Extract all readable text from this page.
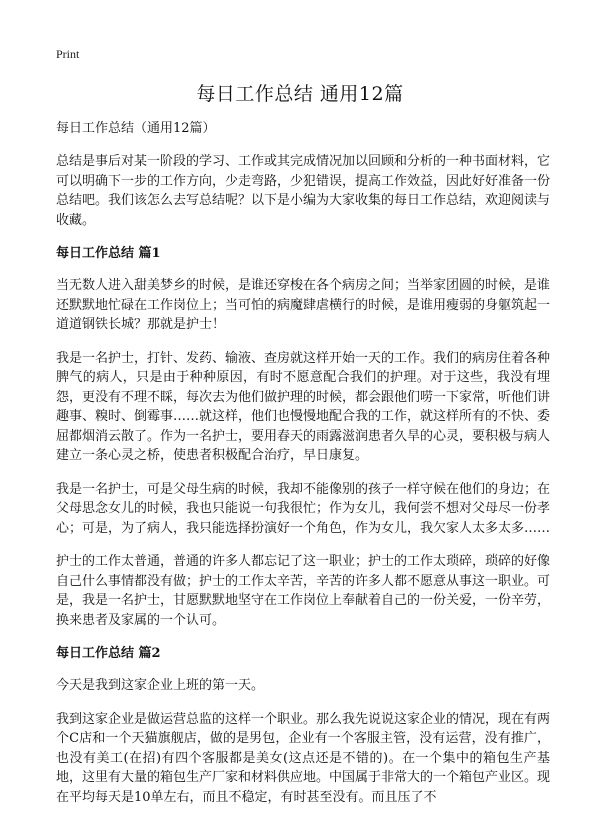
Print
每日工作总结 通用12篇

每日工作总结（通用12篇）

总结是事后对某一阶段的学习、工作或其完成情况加以回顾和分析的一种书面材料，它可以明确下一步的工作方向，少走弯路，少犯错误，提高工作效益，因此好好准备一份总结吧。我们该怎么去写总结呢？以下是小编为大家收集的每日工作总结，欢迎阅读与收藏。

每日工作总结 篇1

当无数人进入甜美梦乡的时候，是谁还穿梭在各个病房之间；当举家团圆的时候，是谁还默默地忙碌在工作岗位上；当可怕的病魔肆虐横行的时候，是谁用瘦弱的身躯筑起一道道钢铁长城？那就是护士！

我是一名护士，打针、发药、输液、查房就这样开始一天的工作。我们的病房住着各种脾气的病人，只是由于种种原因，有时不愿意配合我们的护理。对于这些，我没有埋怨，更没有不理不睬，每次去为他们做护理的时候，都会跟他们唠一下家常，听他们讲趣事、糗时、倒霉事……就这样，他们也慢慢地配合我的工作，就这样所有的不快、委屈都烟消云散了。作为一名护士，要用春天的雨露滋润患者久旱的心灵，要积极与病人建立一条心灵之桥，使患者积极配合治疗，早日康复。

我是一名护士，可是父母生病的时候，我却不能像别的孩子一样守候在他们的身边；在父母思念女儿的时候，我也只能说一句我很忙；作为女儿，我何尝不想对父母尽一份孝心；可是，为了病人，我只能选择扮演好一个角色，作为女儿，我欠家人太多太多……

护士的工作太普通，普通的许多人都忘记了这一职业；护士的工作太琐碎，琐碎的好像自己什么事情都没有做；护士的工作太辛苦，辛苦的许多人都不愿意从事这一职业。可是，我是一名护士，甘愿默默地坚守在工作岗位上奉献着自己的一份关爱，一份辛劳，换来患者及家属的一个认可。

每日工作总结 篇2

今天是我到这家企业上班的第一天。

我到这家企业是做运营总监的这样一个职业。那么我先说说这家企业的情况，现在有两个C店和一个天猫旗舰店，做的是男包，企业有一个客服主管，没有运营，没有推广，也没有美工(在招)有四个客服都是美女(这点还是不错的)。在一个集中的箱包生产基地，这里有大量的箱包生产厂家和材料供应地。中国属于非常大的一个箱包产业区。现在平均每天是10单左右，而且不稳定，有时甚至没有。而且压了不
